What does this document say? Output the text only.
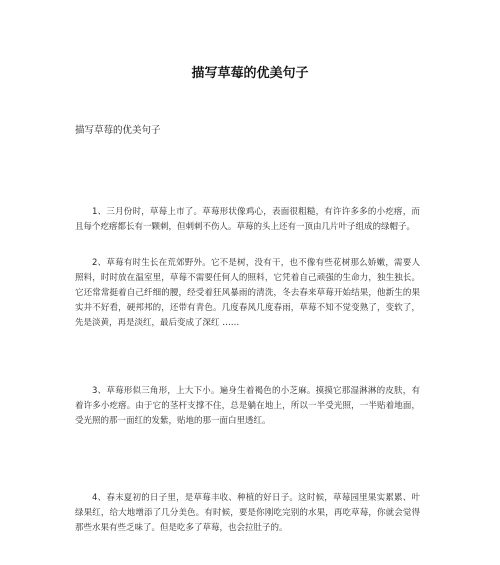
描写草莓的优美句子
描写草莓的优美句子
1、三月份时，草莓上市了。草莓形状像鸡心，表面很粗糙，有许许多多的小疙瘩，而且每个疙瘩都长有一颗刺，但刺刺不伤人。草莓的头上还有一顶由几片叶子组成的绿帽子。
2、草莓有时生长在荒郊野外。它不是树，没有干，也不像有些花树那么娇嫩，需要人照料，时时放在温室里，草莓不需要任何人的照料，它凭着自己顽强的生命力，独生独长。它还常常挺着自己纤细的腰，经受着狂风暴雨的清洗，冬去春来草莓开始结果，他新生的果实并不好看，硬邦邦的，还带有青色。几度春风几度春雨，草莓不知不觉变熟了，变软了，先是淡黄，再是淡红，最后变成了深红 ……
3、草莓形似三角形，上大下小。遍身生着褐色的小芝麻。摸摸它那湿淋淋的皮肤，有着许多小疙瘩。由于它的茎杆支撑不住，总是躺在地上，所以一半受光照，一半贴着地面，受光照的那一面红的发紫，贴地的那一面白里透红。
4、春末夏初的日子里，是草莓丰收、种植的好日子。这时候，草莓园里果实累累、叶绿果红，给大地增添了几分美色。有时候，要是你刚吃完别的水果，再吃草莓，你就会觉得那些水果有些乏味了。但是吃多了草莓，也会拉肚子的。
